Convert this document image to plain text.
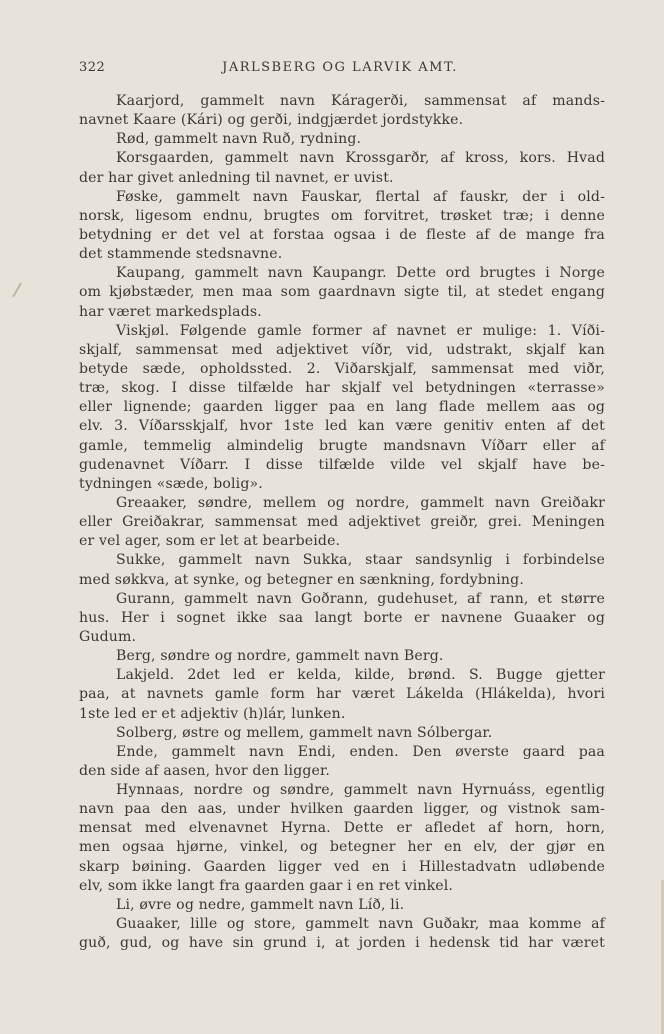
322	JARLSBERG OG LARVIK AMT.
Kaarjord, gammelt navn Káragerði, sammensat af mands-
navnet Kaare (Kári) og gerði, indgjærdet jordstykke.
Rød, gammelt navn Ruð, rydning.
Korsgaarden, gammelt navn Krossgarðr, af kross, kors. Hvad
der har givet anledning til navnet, er uvist.
Føske, gammelt navn Fauskar, flertal af fauskr, der i old-
norsk, ligesom endnu, brugtes om forvitret, trøsket træ; i denne
betydning er det vel at forstaa ogsaa i de fleste af de mange fra
det stammende stedsnavne.
Kaupang, gammelt navn Kaupangr. Dette ord brugtes i Norge
om kjøbstæder, men maa som gaardnavn sigte til, at stedet engang
har været markedsplads.
Viskjøl. Følgende gamle former af navnet er mulige: 1. Víði-
skjalf, sammensat med adjektivet víðr, vid, udstrakt, skjalf kan
betyde sæde, opholdssted. 2. Viðarskjalf, sammensat med viðr,
træ, skog. I disse tilfælde har skjalf vel betydningen «terrasse»
eller lignende; gaarden ligger paa en lang flade mellem aas og
elv. 3. Víðarsskjalf, hvor 1ste led kan være genitiv enten af det
gamle, temmelig almindelig brugte mandsnavn Víðarr eller af
gudenavnet Víðarr. I disse tilfælde vilde vel skjalf have be-
tydningen «sæde, bolig».
Greaaker, søndre, mellem og nordre, gammelt navn Greiðakr
eller Greiðakrar, sammensat med adjektivet greiðr, grei. Meningen
er vel ager, som er let at bearbeide.
Sukke, gammelt navn Sukka, staar sandsynlig i forbindelse
med søkkva, at synke, og betegner en sænkning, fordybning.
Gurann, gammelt navn Goðrann, gudehuset, af rann, et større
hus. Her i sognet ikke saa langt borte er navnene Guaaker og
Gudum.
Berg, søndre og nordre, gammelt navn Berg.
Lakjeld. 2det led er kelda, kilde, brønd. S. Bugge gjetter
paa, at navnets gamle form har været Lákelda (Hlákelda), hvori
1ste led er et adjektiv (h)lár, lunken.
Solberg, østre og mellem, gammelt navn Sólbergar.
Ende, gammelt navn Endi, enden. Den øverste gaard paa
den side af aasen, hvor den ligger.
Hynnaas, nordre og søndre, gammelt navn Hyrnuáss, egentlig
navn paa den aas, under hvilken gaarden ligger, og vistnok sam-
mensat med elvenavnet Hyrna. Dette er afledet af horn, horn,
men ogsaa hjørne, vinkel, og betegner her en elv, der gjør en
skarp bøining. Gaarden ligger ved en i Hillestadvatn udløbende
elv, som ikke langt fra gaarden gaar i en ret vinkel.
Li, øvre og nedre, gammelt navn Líð, li.
Guaaker, lille og store, gammelt navn Guðakr, maa komme af
guð, gud, og have sin grund i, at jorden i hedensk tid har været
